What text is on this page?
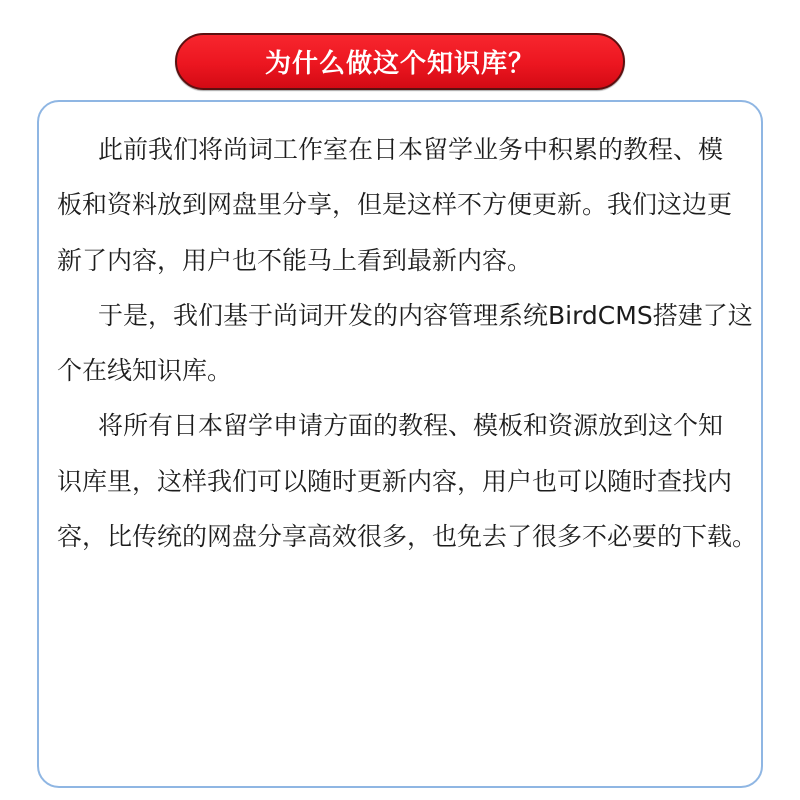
为什么做这个知识库？
此前我们将尚词工作室在日本留学业务中积累的教程、模
板和资料放到网盘里分享，但是这样不方便更新。我们这边更
新了内容，用户也不能马上看到最新内容。
于是，我们基于尚词开发的内容管理系统BirdCMS搭建了这
个在线知识库。
将所有日本留学申请方面的教程、模板和资源放到这个知
识库里，这样我们可以随时更新内容，用户也可以随时查找内
容，比传统的网盘分享高效很多，也免去了很多不必要的下载。
